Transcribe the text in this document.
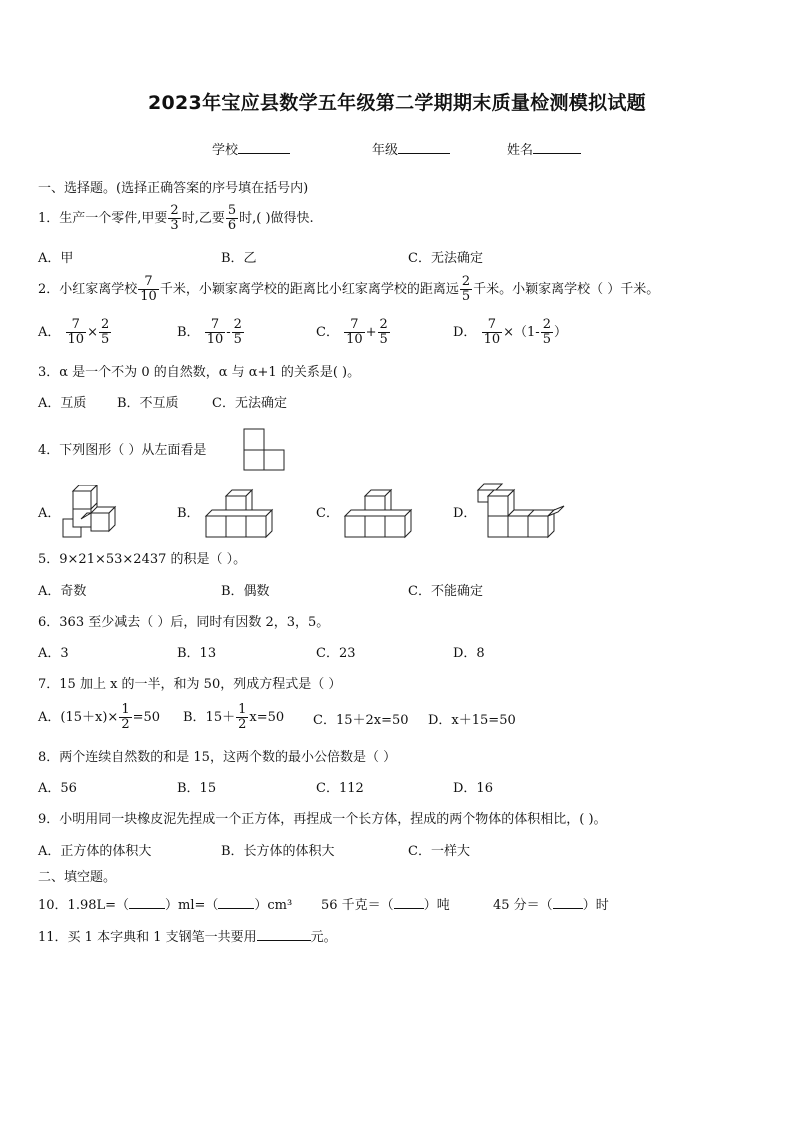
2023年宝应县数学五年级第二学期期末质量检测模拟试题
学校	年级	姓名
一、选择题。(选择正确答案的序号填在括号内)
1．生产一个零件,甲要 $\frac{2}{3}$ 时,乙要 $\frac{5}{6}$ 时,( )做得快.
A．甲	B．乙	C．无法确定
2．小红家离学校 $\frac{7}{10}$ 千米，小颖家离学校的距离比小红家离学校的距离远 $\frac{2}{5}$ 千米。小颖家离学校（ ）千米。
A． $\frac{7}{10} \times \frac{2}{5}$	B． $\frac{7}{10} - \frac{2}{5}$	C． $\frac{7}{10} + \frac{2}{5}$	D． $\frac{7}{10} \times(1- \frac{2}{5}$ ）
3．α 是一个不为 0 的自然数，α 与 α+1 的关系是( )。
A．互质 B．不互质	C．无法确定
4．下列图形（ ）从左面看是
A．	B．	C．	D．
5．9×21×53×2437 的积是（ ）。
A．奇数	B．偶数	C．不能确定
6．363 至少减去（ ）后，同时有因数 2，3，5。
A．3	B．13	C．23	D．8
7．15 加上 x 的一半，和为 50，列成方程式是（ ）
A．$(15+x)\times \frac{1}{2} =50$ B．$15+ \frac{1}{2} x=50$ C．15＋2x=50 D．x＋15=50
8．两个连续自然数的和是 15，这两个数的最小公倍数是（ ）
A．56	B．15	C．112	D．16
9．小明用同一块橡皮泥先捏成一个正方体，再捏成一个长方体，捏成的两个物体的体积相比，( )。
A．正方体的体积大	B．长方体的体积大	C．一样大
二、填空题。
10．1.98L=（	）ml=（	）cm³ 56 千克＝（ ）吨	45 分＝（ ）时
11．买 1 本字典和 1 支钢笔一共要用	元。
